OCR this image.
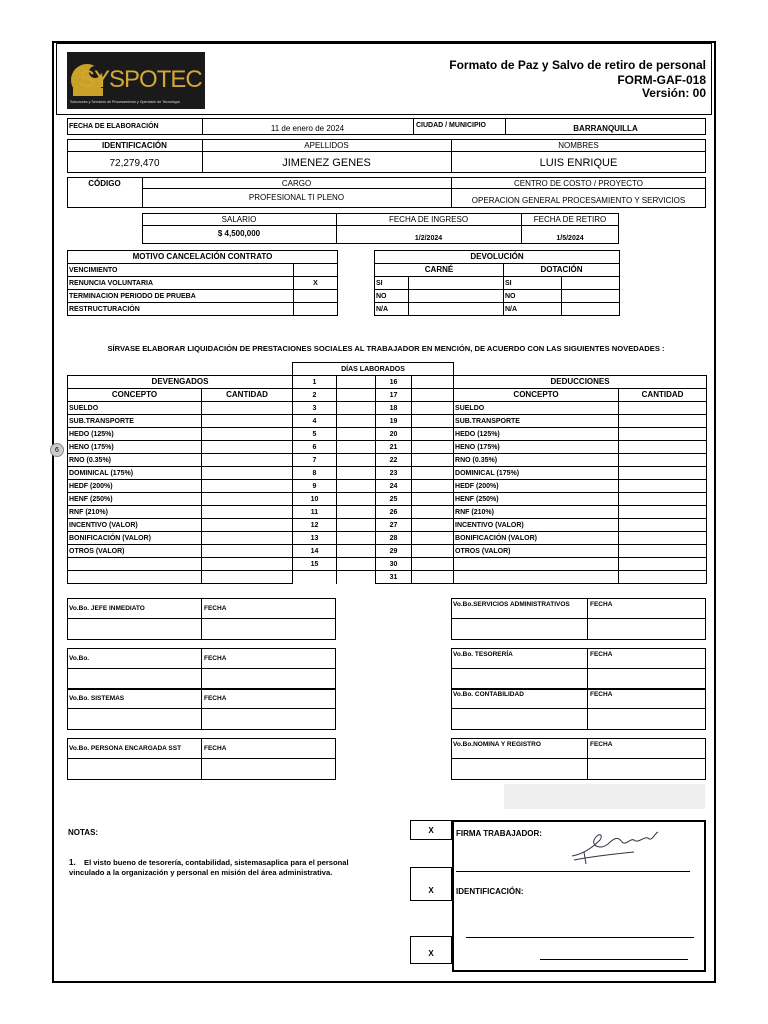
SYSPOTEC
Soluciones y Servicios de Procesamiento y Operación de Tecnología
Formato de Paz y Salvo de retiro de personal
FORM-GAF-018
Versión: 00
FECHA DE ELABORACIÓN	11 de enero de 2024	CIUDAD / MUNICIPIO	BARRANQUILLA
IDENTIFICACIÓN
72,279,470
APELLIDOS
JIMENEZ GENES
NOMBRES
LUIS ENRIQUE
CÓDIGO	CARGO
PROFESIONAL TI PLENO
CENTRO DE COSTO / PROYECTO
OPERACION GENERAL PROCESAMIENTO Y SERVICIOS
SALARIO
$ 4,500,000
FECHA DE INGRESO
1/2/2024
FECHA DE RETIRO
1/5/2024
MOTIVO CANCELACIÓN CONTRATO	
VENCIMIENTO	
RENUNCIA VOLUNTARIA	X
TERMINACION PERIODO DE PRUEBA	
RESTRUCTURACIÓN	
DEVOLUCIÓN			
CARNÉ		DOTACIÓN	
SI		SI	
NO		NO	
N/A		N/A	
SÍRVASE ELABORAR LIQUIDACIÓN DE PRESTACIONES SOCIALES AL TRABAJADOR EN MENCIÓN, DE ACUERDO CON LAS SIGUIENTES NOVEDADES :
		DÍAS LABORADOS					
DEVENGADOS		1		16		DEDUCCIONES	
CONCEPTO	CANTIDAD	2		17		CONCEPTO	CANTIDAD
SUELDO		3		18		SUELDO	
SUB.TRANSPORTE		4		19		SUB.TRANSPORTE	
HEDO (125%)		5		20		HEDO (125%)	
HENO (175%)		6		21		HENO (175%)	
RNO (0.35%)		7		22		RNO (0.35%)	
DOMINICAL (175%)		8		23		DOMINICAL (175%)	
HEDF (200%)		9		24		HEDF (200%)	
HENF (250%)		10		25		HENF (250%)	
RNF (210%)		11		26		RNF (210%)	
INCENTIVO (VALOR)		12		27		INCENTIVO (VALOR)	
BONIFICACIÓN (VALOR)		13		28		BONIFICACIÓN (VALOR)	
OTROS (VALOR)		14		29		OTROS (VALOR)	
		15		30			
				31			
6
Vo.Bo. JEFE INMEDIATO	FECHA
Vo.Bo.SERVICIOS ADMINISTRATIVOS	FECHA
Vo.Bo.	FECHA
Vo.Bo. TESORERÍA	FECHA
Vo.Bo. SISTEMAS	FECHA
Vo.Bo. CONTABILIDAD	FECHA
Vo.Bo. PERSONA ENCARGADA SST	FECHA
Vo.Bo.NOMINA Y REGISTRO	FECHA
NOTAS:
1. El visto bueno de tesorería, contabilidad, sistemasaplica para el personal
vinculado a la organización y personal en misión del área administrativa.
X
X
X
FIRMA TRABAJADOR:
IDENTIFICACIÓN:
